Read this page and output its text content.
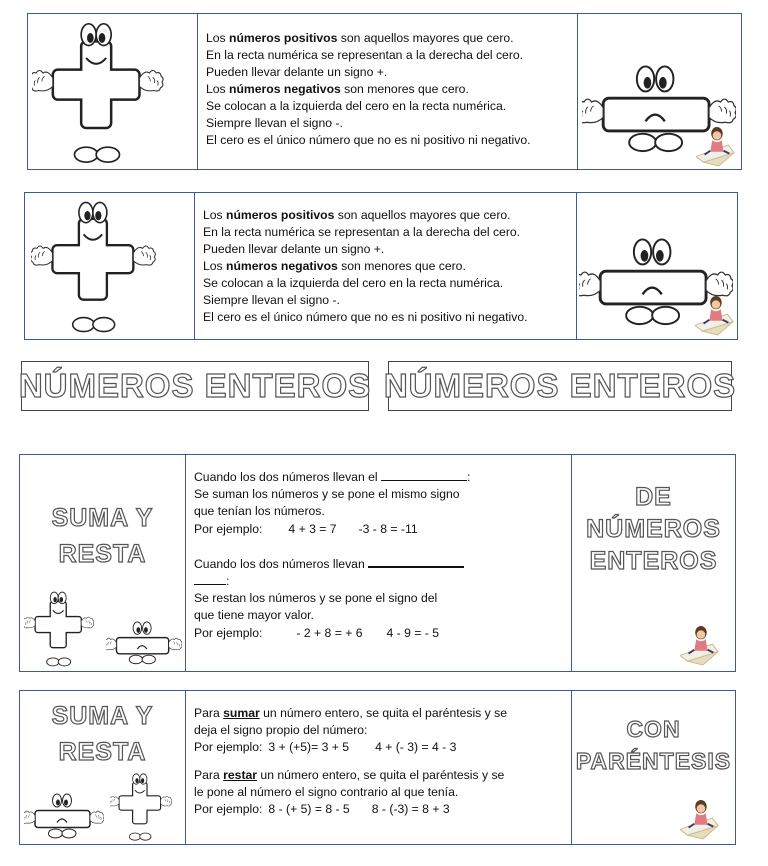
Los números positivos son aquellos mayores que cero.

En la recta numérica se representan a la derecha del cero.

Pueden llevar delante un signo +.

Los números negativos son menores que cero.

Se colocan a la izquierda del cero en la recta numérica.

Siempre llevan el signo -.

El cero es el único número que no es ni positivo ni negativo.

Los números positivos son aquellos mayores que cero.

En la recta numérica se representan a la derecha del cero.

Pueden llevar delante un signo +.

Los números negativos son menores que cero.

Se colocan a la izquierda del cero en la recta numérica.

Siempre llevan el signo -.

El cero es el único número que no es ni positivo ni negativo.

NÚMEROS ENTEROS NÚMEROS ENTEROS
SUMA Y
RESTA

Cuando los dos números llevan el	:

Se suman los números y se pone el mismo signo

que tenían los números.

Por ejemplo: 4 + 3 = 7 -3 - 8 = -11

Cuando los dos números llevan

:

Se restan los números y se pone el signo del

que tiene mayor valor.

Por ejemplo:	- 2 + 8 = + 6 4 - 9 = - 5

DE
NÚMEROS
ENTEROS
SUMA Y
RESTA

Para sumar un número entero, se quita el paréntesis y se

deja el signo propio del número:

Por ejemplo: 3 + (+5)= 3 + 5 4 + (- 3) = 4 - 3

Para restar un número entero, se quita el paréntesis y se

le pone al número el signo contrario al que tenía.

Por ejemplo: 8 - (+ 5) = 8 - 5 8 - (-3) = 8 + 3

CON
PARÉNTESIS
